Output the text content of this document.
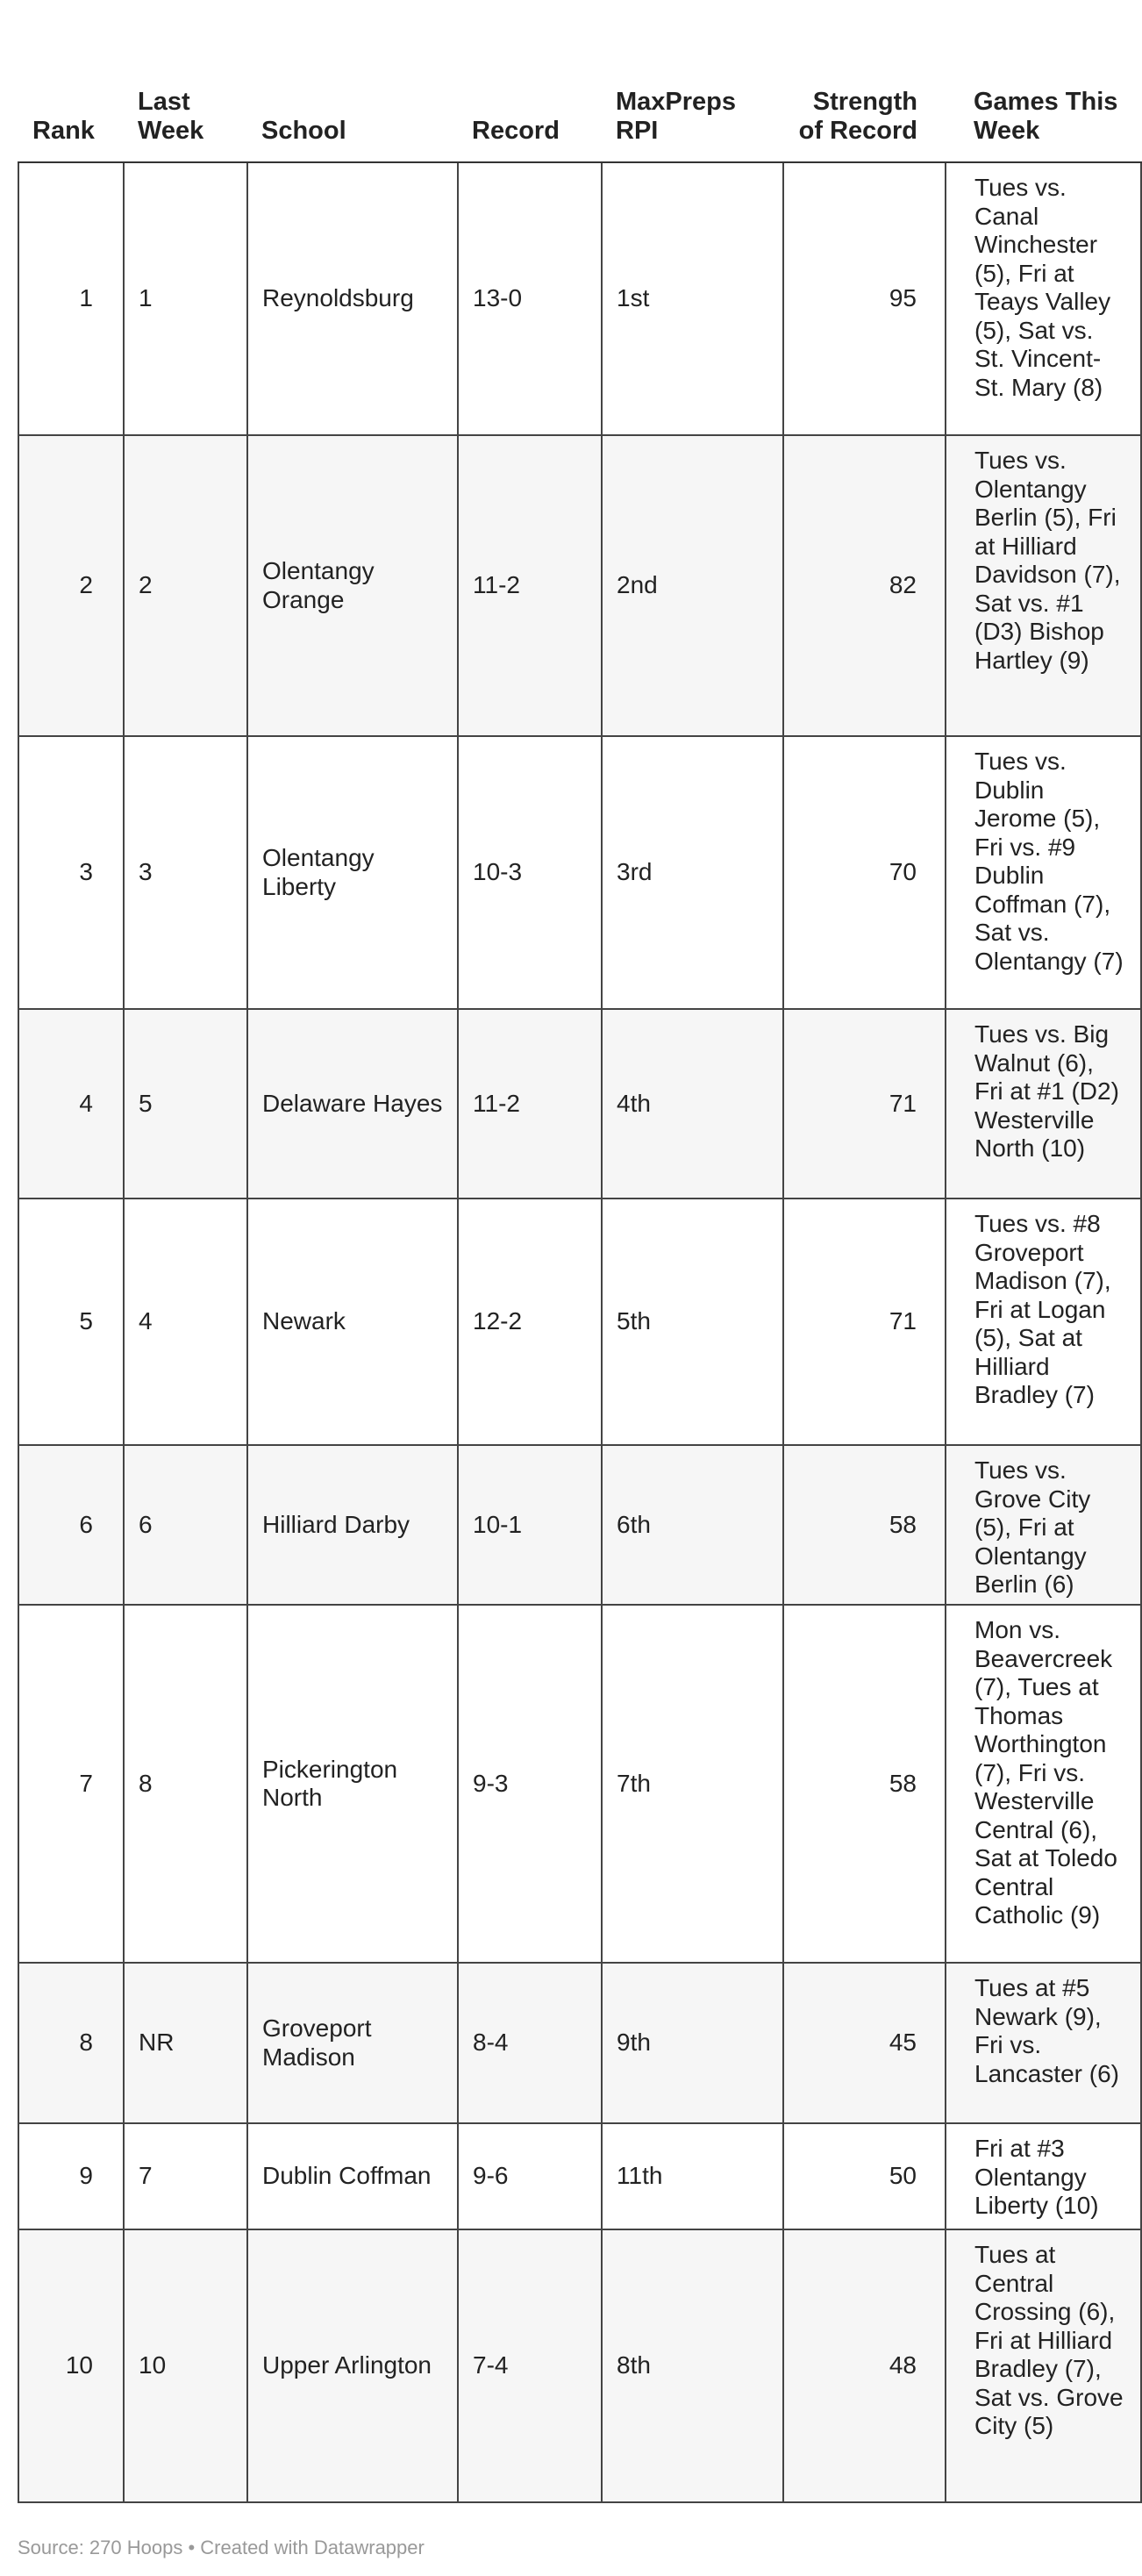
Rank	Last Week	School	Record	MaxPreps RPI	Strength of Record	Games This Week
1	1	Reynoldsburg	13-0	1st	95	Tues vs. Canal Winchester (5), Fri at Teays Valley (5), Sat vs. St. Vincent-St. Mary (8)
2	2	Olentangy Orange	11-2	2nd	82	Tues vs. Olentangy Berlin (5), Fri at Hilliard Davidson (7), Sat vs. #1 (D3) Bishop Hartley (9)
3	3	Olentangy Liberty	10-3	3rd	70	Tues vs. Dublin Jerome (5), Fri vs. #9 Dublin Coffman (7), Sat vs. Olentangy (7)
4	5	Delaware Hayes	11-2	4th	71	Tues vs. Big Walnut (6), Fri at #1 (D2) Westerville North (10)
5	4	Newark	12-2	5th	71	Tues vs. #8 Groveport Madison (7), Fri at Logan (5), Sat at Hilliard Bradley (7)
6	6	Hilliard Darby	10-1	6th	58	Tues vs. Grove City (5), Fri at Olentangy Berlin (6)
7	8	Pickerington North	9-3	7th	58	Mon vs. Beavercreek (7), Tues at Thomas Worthington (7), Fri vs. Westerville Central (6), Sat at Toledo Central Catholic (9)
8	NR	Groveport Madison	8-4	9th	45	Tues at #5 Newark (9), Fri vs. Lancaster (6)
9	7	Dublin Coffman	9-6	11th	50	Fri at #3 Olentangy Liberty (10)
10	10	Upper Arlington	7-4	8th	48	Tues at Central Crossing (6), Fri at Hilliard Bradley (7), Sat vs. Grove City (5)
Source: 270 Hoops • Created with Datawrapper
